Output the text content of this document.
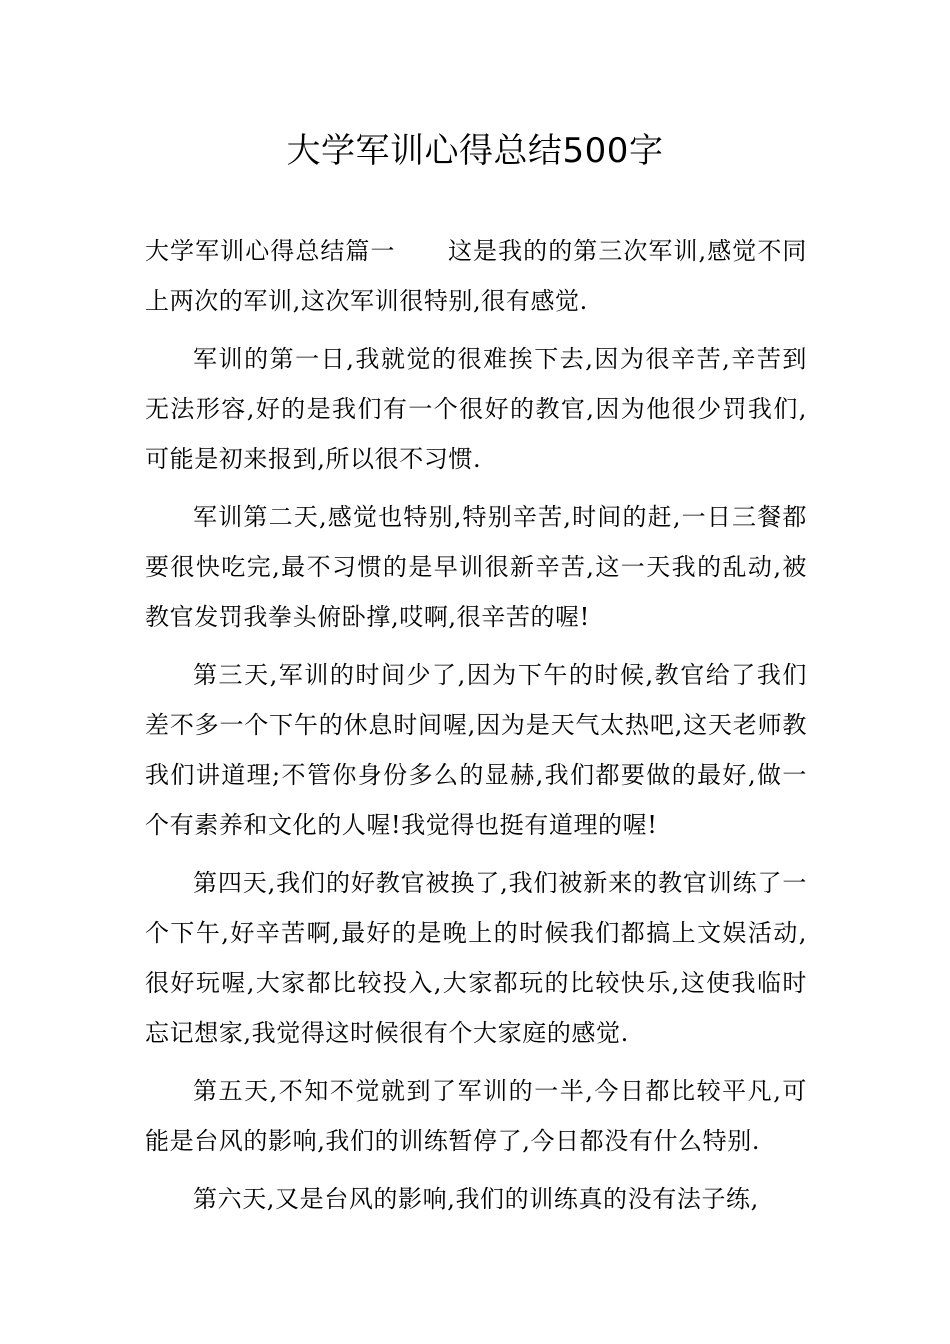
大学军训心得总结500字

大学军训心得总结篇一 这是我的的第三次军训,感觉不同上两次的军训,这次军训很特别,很有感觉.

军训的第一日,我就觉的很难挨下去,因为很辛苦,辛苦到无法形容,好的是我们有一个很好的教官,因为他很少罚我们,可能是初来报到,所以很不习惯.

军训第二天,感觉也特别,特别辛苦,时间的赶,一日三餐都要很快吃完,最不习惯的是早训很新辛苦,这一天我的乱动,被教官发罚我拳头俯卧撑,哎啊,很辛苦的喔!

第三天,军训的时间少了,因为下午的时候,教官给了我们差不多一个下午的休息时间喔,因为是天气太热吧,这天老师教我们讲道理;不管你身份多么的显赫,我们都要做的最好,做一个有素养和文化的人喔!我觉得也挺有道理的喔!

第四天,我们的好教官被换了,我们被新来的教官训练了一个下午,好辛苦啊,最好的是晚上的时候我们都搞上文娱活动,很好玩喔,大家都比较投入,大家都玩的比较快乐,这使我临时忘记想家,我觉得这时候很有个大家庭的感觉.

第五天,不知不觉就到了军训的一半,今日都比较平凡,可能是台风的影响,我们的训练暂停了,今日都没有什么特别.

第六天,又是台风的影响,我们的训练真的没有法子练,
